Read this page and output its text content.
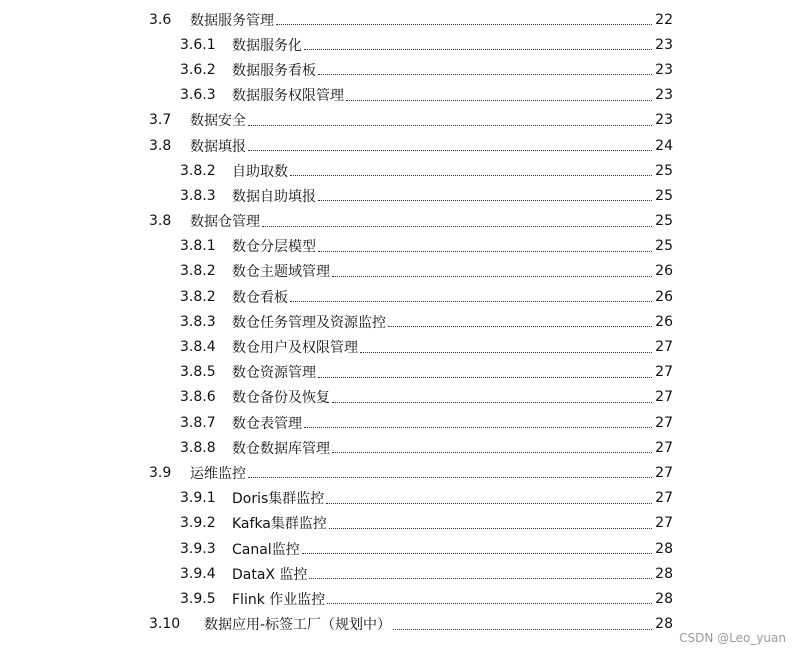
3.6 数据服务管理	22
3.6.1 数据服务化	23
3.6.2 数据服务看板	23
3.6.3 数据服务权限管理	23
3.7 数据安全	23
3.8 数据填报	24
3.8.2 自助取数	25
3.8.3 数据自助填报	25
3.8 数据仓管理	25
3.8.1 数仓分层模型	25
3.8.2 数仓主题域管理	26
3.8.2 数仓看板	26
3.8.3 数仓任务管理及资源监控	26
3.8.4 数仓用户及权限管理	27
3.8.5 数仓资源管理	27
3.8.6 数仓备份及恢复	27
3.8.7 数仓表管理	27
3.8.8 数仓数据库管理	27
3.9 运维监控	27
3.9.1 Doris集群监控	27
3.9.2 Kafka集群监控	27
3.9.3 Canal监控	28
3.9.4 DataX 监控	28
3.9.5 Flink 作业监控	28
3.10 数据应用-标签工厂（规划中）	28
CSDN @Leo_yuan
